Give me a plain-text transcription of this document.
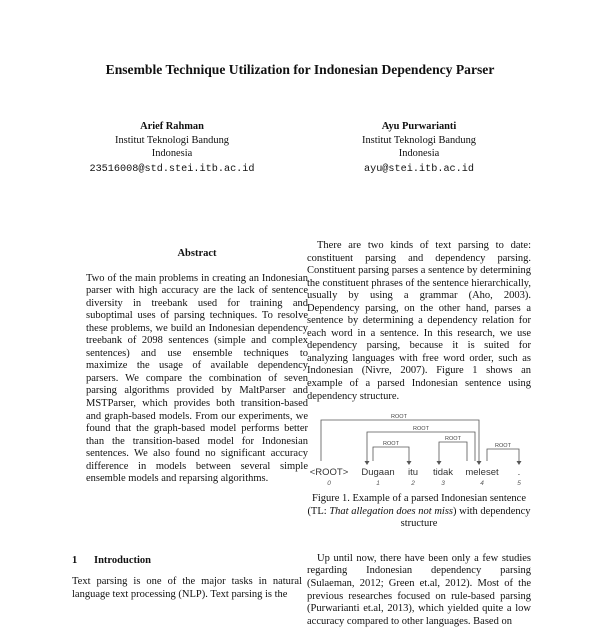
Ensemble Technique Utilization for Indonesian Dependency Parser
Arief Rahman
Institut Teknologi Bandung
Indonesia
23516008@std.stei.itb.ac.id
Ayu Purwarianti
Institut Teknologi Bandung
Indonesia
ayu@stei.itb.ac.id
Abstract

Two of the main problems in creating an Indonesian parser with high accuracy are the lack of sentence diversity in treebank used for training and suboptimal uses of parsing techniques. To resolve these problems, we build an Indonesian dependency treebank of 2098 sentences (simple and complex sentences) and use ensemble techniques to maximize the usage of available dependency parsers. We compare the combination of seven parsing algorithms provided by MaltParser and MSTParser, which provides both transition-based and graph-based models. From our experiments, we found that the graph-based model performs better than the transition-based model for Indonesian sentences. We also found no significant accuracy difference in models between several simple ensemble models and reparsing algorithms.

1 Introduction
Text parsing is one of the major tasks in natural language text processing (NLP). Text parsing is the

There are two kinds of text parsing to date: constituent parsing and dependency parsing. Constituent parsing parses a sentence by determining the constituent phrases of the sentence hierarchically, usually by using a grammar (Aho, 2003). Dependency parsing, on the other hand, parses a sentence by determining a dependency relation for each word in a sentence. In this research, we use dependency parsing, because it is suited for analyzing languages with free word order, such as Indonesian (Nivre, 2007). Figure 1 shows an example of a parsed Indonesian sentence using dependency structure.

ROOT
ROOT
ROOT
ROOT
ROOT
<ROOT> Dugaan itu tidak meleset .
0	1	2	3	4	5
Figure 1. Example of a parsed Indonesian sentence (TL: That allegation does not miss) with dependency structure

Up until now, there have been only a few studies regarding Indonesian dependency parsing (Sulaeman, 2012; Green et.al, 2012). Most of the previous researches focused on rule-based parsing (Purwarianti et.al, 2013), which yielded quite a low accuracy compared to other languages. Based on
